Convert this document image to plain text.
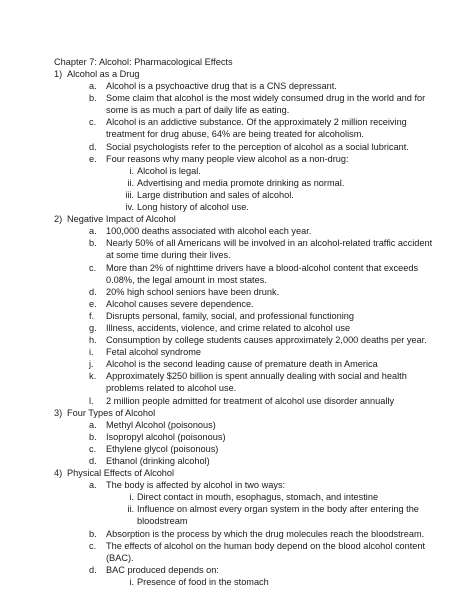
Chapter 7: Alcohol: Pharmacological Effects
1) Alcohol as a Drug
a.	Alcohol is a psychoactive drug that is a CNS depressant.
b.	Some claim that alcohol is the most widely consumed drug in the world and for some is as much a part of daily life as eating.
c.	Alcohol is an addictive substance. Of the approximately 2 million receiving treatment for drug abuse, 64% are being treated for alcoholism.
d.	Social psychologists refer to the perception of alcohol as a social lubricant.
e.	Four reasons why many people view alcohol as a non-drug:
i. Alcohol is legal.
ii. Advertising and media promote drinking as normal.
iii. Large distribution and sales of alcohol.
iv. Long history of alcohol use.
2) Negative Impact of Alcohol
a.	100,000 deaths associated with alcohol each year.
b.	Nearly 50% of all Americans will be involved in an alcohol-related traffic accident at some time during their lives.
c.	More than 2% of nighttime drivers have a blood-alcohol content that exceeds 0.08%, the legal amount in most states.
d.	20% high school seniors have been drunk.
e.	Alcohol causes severe dependence.
f.	Disrupts personal, family, social, and professional functioning
g.	Illness, accidents, violence, and crime related to alcohol use
h.	Consumption by college students causes approximately 2,000 deaths per year.
i.	Fetal alcohol syndrome
j.	Alcohol is the second leading cause of premature death in America
k.	Approximately $250 billion is spent annually dealing with social and health problems related to alcohol use.
l.	2 million people admitted for treatment of alcohol use disorder annually
3) Four Types of Alcohol
a.	Methyl Alcohol (poisonous)
b.	Isopropyl alcohol (poisonous)
c.	Ethylene glycol (poisonous)
d.	Ethanol (drinking alcohol)
4) Physical Effects of Alcohol
a.	The body is affected by alcohol in two ways:
i. Direct contact in mouth, esophagus, stomach, and intestine
ii. Influence on almost every organ system in the body after entering the bloodstream
b.	Absorption is the process by which the drug molecules reach the bloodstream.
c.	The effects of alcohol on the human body depend on the blood alcohol content (BAC).
d.	BAC produced depends on:
i. Presence of food in the stomach
